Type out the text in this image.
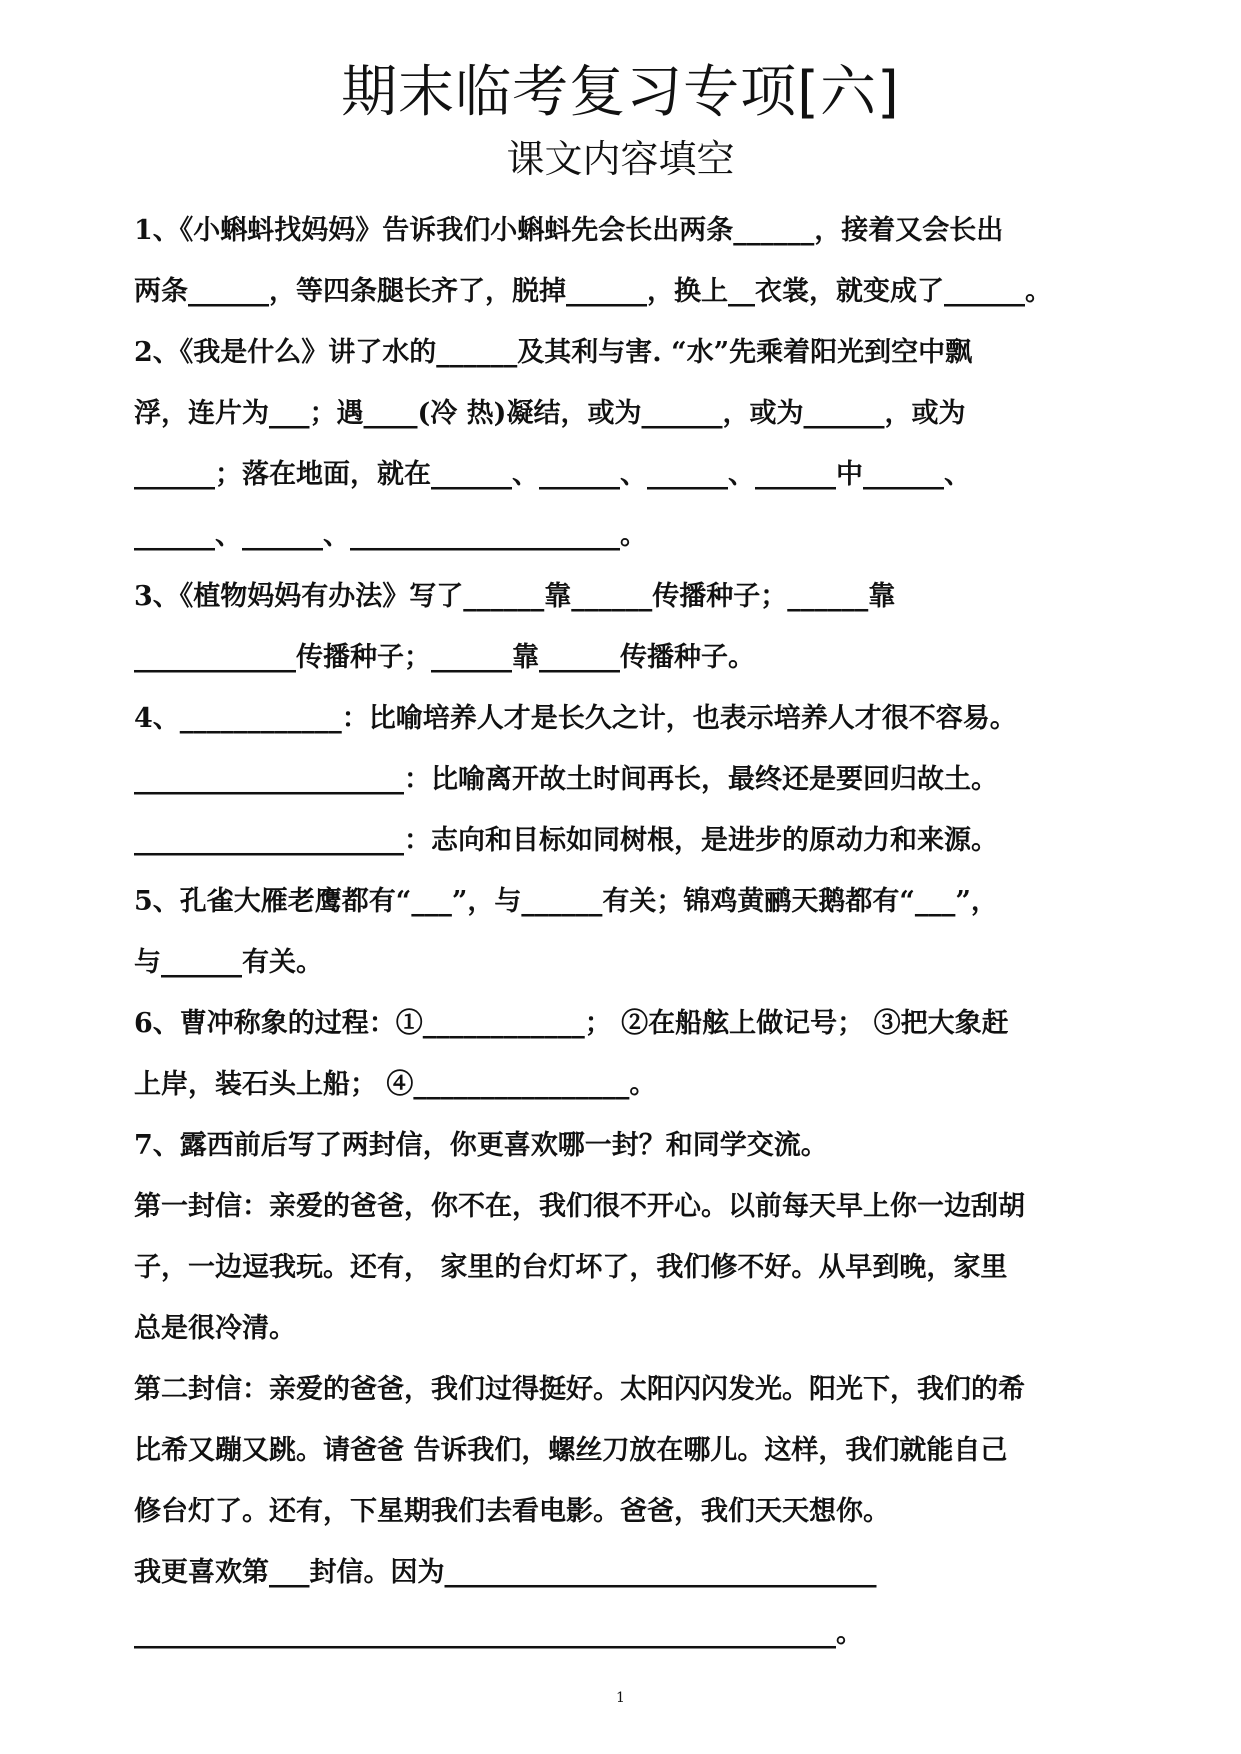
期末临考复习专项[六]
课文内容填空
1、《小蝌蚪找妈妈》告诉我们小蝌蚪先会长出两条______，接着又会长出
两条______，等四条腿长齐了，脱掉______，换上__衣裳，就变成了______。
2、《我是什么》讲了水的______及其利与害. “水”先乘着阳光到空中飘
浮，连片为___；遇____(冷 热)凝结，或为______，或为______，或为
______；落在地面，就在______、______、______、______中______、
______、______、____________________。
3、《植物妈妈有办法》写了______靠______传播种子；______靠
____________传播种子；______靠______传播种子。
4、____________：比喻培养人才是长久之计，也表示培养人才很不容易。
____________________：比喻离开故土时间再长，最终还是要回归故土。
____________________：志向和目标如同树根，是进步的原动力和来源。
5、孔雀大雁老鹰都有“___”，与______有关；锦鸡黄鹂天鹅都有“___”，
与______有关。
6、曹冲称象的过程：①____________； ②在船舷上做记号； ③把大象赶
上岸，装石头上船； ④________________。
7、露西前后写了两封信，你更喜欢哪一封？和同学交流。
第一封信：亲爱的爸爸，你不在，我们很不开心。以前每天早上你一边刮胡
子，一边逗我玩。还有， 家里的台灯坏了，我们修不好。从早到晚，家里
总是很冷清。
第二封信：亲爱的爸爸，我们过得挺好。太阳闪闪发光。阳光下，我们的希
比希又蹦又跳。请爸爸 告诉我们，螺丝刀放在哪儿。这样，我们就能自己
修台灯了。还有，下星期我们去看电影。爸爸，我们天天想你。
我更喜欢第___封信。因为________________________________
____________________________________________________。
1
